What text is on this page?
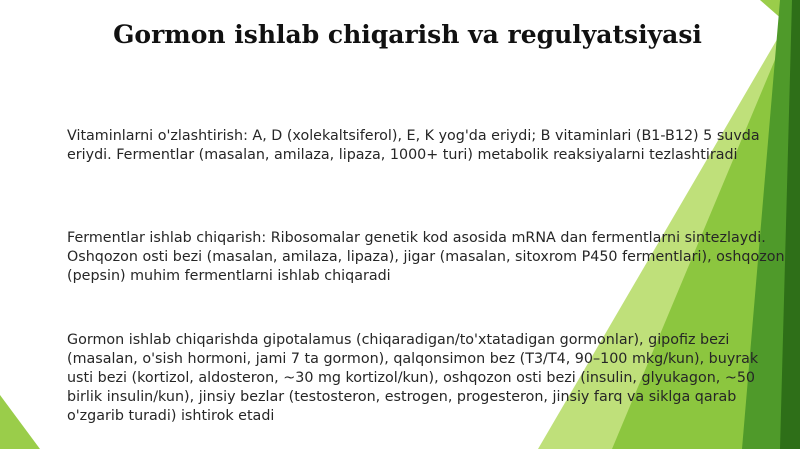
Gormon ishlab chiqarish va regulyatsiyasi

Vitaminlarni o'zlashtirish: A, D (xolekaltsiferol), E, K yog'da eriydi; B vitaminlari (B1-B12) 5 suvda eriydi. Fermentlar (masalan, amilaza, lipaza, 1000+ turi) metabolik reaksiyalarni tezlashtiradi

Fermentlar ishlab chiqarish: Ribosomalar genetik kod asosida mRNA dan fermentlarni sintezlaydi. Oshqozon osti bezi (masalan, amilaza, lipaza), jigar (masalan, sitoxrom P450 fermentlari), oshqozon (pepsin) muhim fermentlarni ishlab chiqaradi

Gormon ishlab chiqarishda gipotalamus (chiqaradigan/to'xtatadigan gormonlar), gipofiz bezi (masalan, o'sish hormoni, jami 7 ta gormon), qalqonsimon bez (T3/T4, 90–100 mkg/kun), buyrak usti bezi (kortizol, aldosteron, ~30 mg kortizol/kun), oshqozon osti bezi (insulin, glyukagon, ~50 birlik insulin/kun), jinsiy bezlar (testosteron, estrogen, progesteron, jinsiy farq va siklga qarab o'zgarib turadi) ishtirok etadi
